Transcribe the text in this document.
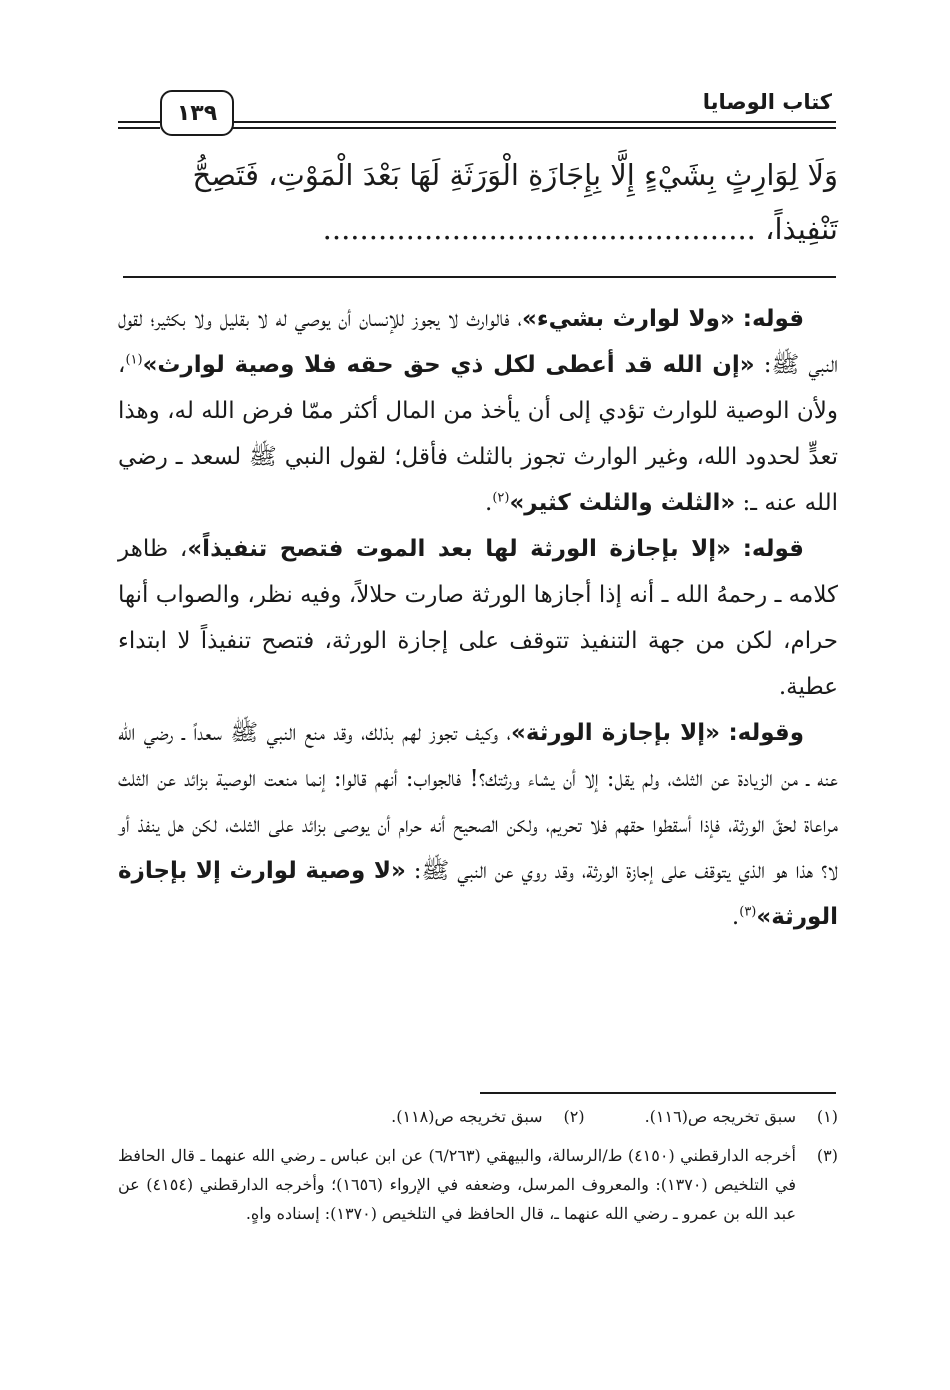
كتاب الوصايا
١٣٩

وَلَا لِوَارِثٍ بِشَيْءٍ إِلَّا بِإِجَازَةِ الْوَرَثَةِ لَهَا بَعْدَ الْمَوْتِ، فَتَصِحُّ

تَنْفِيذاً، ...............................................

قوله: «ولا لوارث بشيء»، فالوارث لا يجوز للإنسان أن يوصي له لا بقليل ولا بكثير؛ لقول النبي ﷺ: «إن الله قد أعطى لكل ذي حق حقه فلا وصية لوارث»$^{(١)}$، ولأن الوصية للوارث تؤدي إلى أن يأخذ من المال أكثر ممّا فرض الله له، وهذا تعدٍّ لحدود الله، وغير الوارث تجوز بالثلث فأقل؛ لقول النبي ﷺ لسعد ـ رضي الله عنه ـ: «الثلث والثلث كثير»$^{(٢)}$.

قوله: «إلا بإجازة الورثة لها بعد الموت فتصح تنفيذاً»، ظاهر كلامه ـ رحمهُ الله ـ أنه إذا أجازها الورثة صارت حلالاً، وفيه نظر، والصواب أنها حرام، لكن من جهة التنفيذ تتوقف على إجازة الورثة، فتصح تنفيذاً لا ابتداء عطية.

وقوله: «إلا بإجازة الورثة»، وكيف تجوز لهم بذلك، وقد منع النبي ﷺ سعداً ـ رضي الله عنه ـ من الزيادة عن الثلث، ولم يقل: إلا أن يشاء ورثتك؟! فالجواب: أنهم قالوا: إنما منعت الوصية بزائد عن الثلث مراعاة لحقّ الورثة، فإذا أسقطوا حقهم فلا تحريم، ولكن الصحيح أنه حرام أن يوصى بزائد على الثلث، لكن هل ينفذ أو لا؟ هذا هو الذي يتوقف على إجازة الورثة، وقد روي عن النبي ﷺ: «لا وصية لوارث إلا بإجازة الورثة»$^{(٣)}$.

(١)
سبق تخريجه ص(١١٦).
(٢)
سبق تخريجه ص(١١٨).
(٣)
أخرجه الدارقطني (٤١٥٠) ط/الرسالة، والبيهقي (٦/٢٦٣) عن ابن عباس ـ رضي الله عنهما ـ قال الحافظ في التلخيص (١٣٧٠): والمعروف المرسل، وضعفه في الإرواء (١٦٥٦)؛ وأخرجه الدارقطني (٤١٥٤) عن عبد الله بن عمرو ـ رضي الله عنهما ـ، قال الحافظ في التلخيص (١٣٧٠): إسناده واهٍ.
